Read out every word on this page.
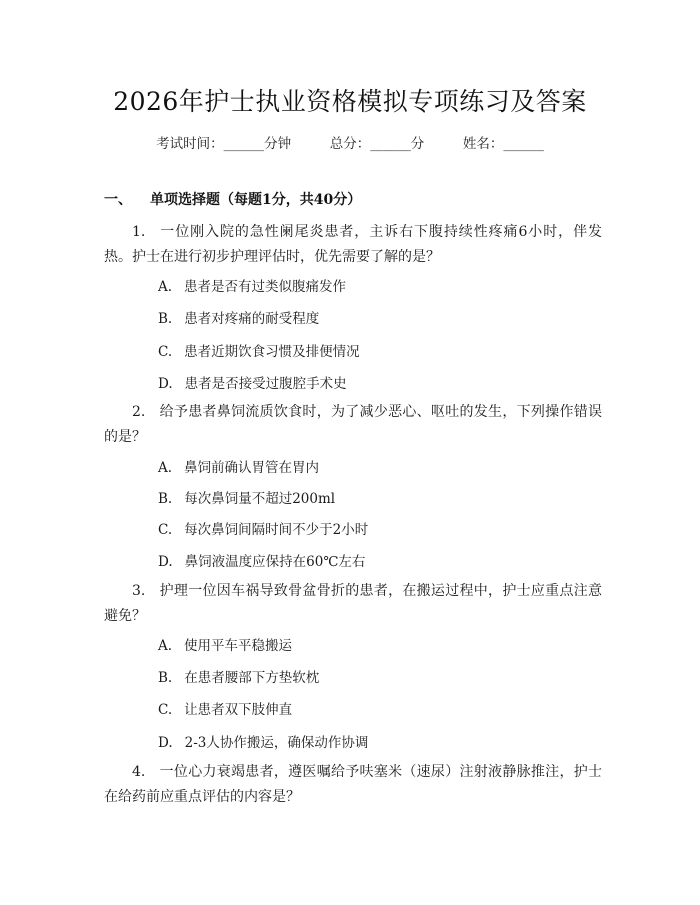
2026年护士执业资格模拟专项练习及答案
考试时间：______分钟	总分：______分	姓名：______
一、 单项选择题（每题1分，共40分）
1. 一位刚入院的急性阑尾炎患者，主诉右下腹持续性疼痛6小时，伴发热。护士在进行初步护理评估时，优先需要了解的是？
A. 患者是否有过类似腹痛发作
B. 患者对疼痛的耐受程度
C. 患者近期饮食习惯及排便情况
D. 患者是否接受过腹腔手术史
2. 给予患者鼻饲流质饮食时，为了减少恶心、呕吐的发生，下列操作错误的是？
A. 鼻饲前确认胃管在胃内
B. 每次鼻饲量不超过200ml
C. 每次鼻饲间隔时间不少于2小时
D. 鼻饲液温度应保持在60℃左右
3. 护理一位因车祸导致骨盆骨折的患者，在搬运过程中，护士应重点注意避免？
A. 使用平车平稳搬运
B. 在患者腰部下方垫软枕
C. 让患者双下肢伸直
D. 2-3人协作搬运，确保动作协调
4. 一位心力衰竭患者，遵医嘱给予呋塞米（速尿）注射液静脉推注，护士在给药前应重点评估的内容是？
